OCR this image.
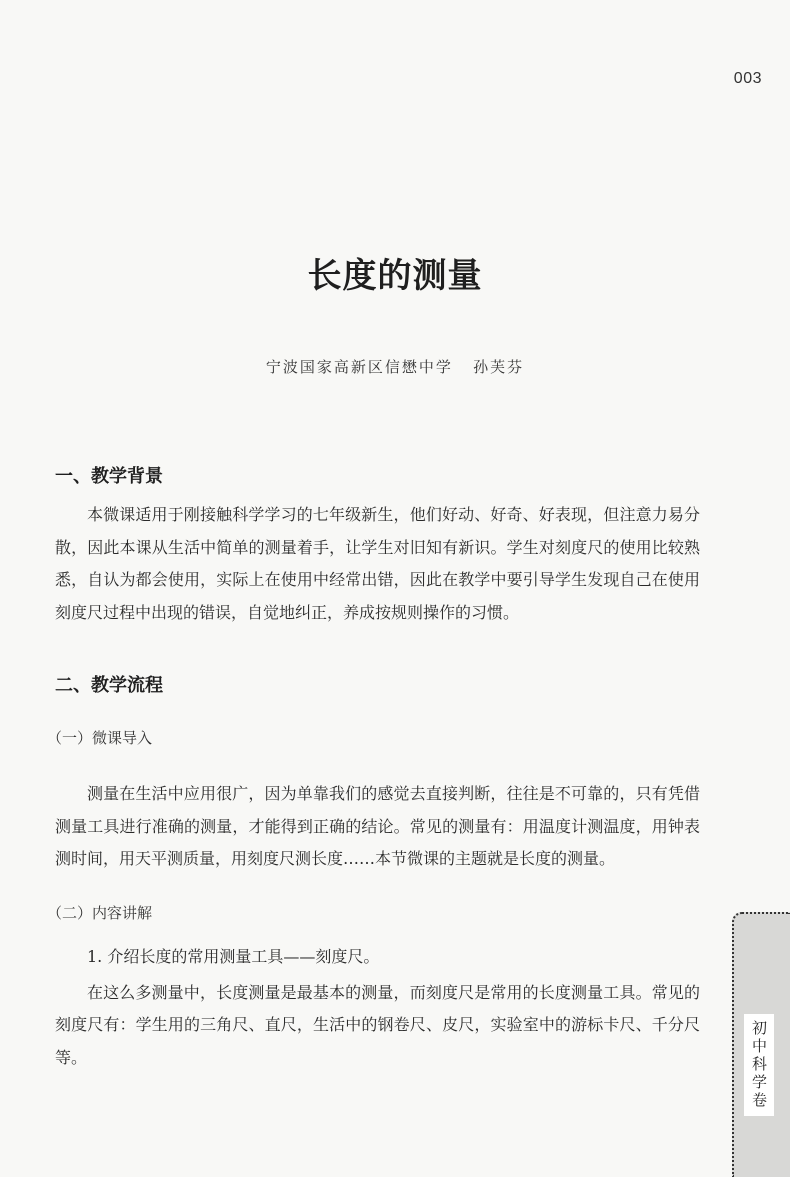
003
长度的测量
宁波国家高新区信懋中学   孙芙芬
一、教学背景

本微课适用于刚接触科学学习的七年级新生，他们好动、好奇、好表现，但注意力易分散，因此本课从生活中简单的测量着手，让学生对旧知有新识。学生对刻度尺的使用比较熟悉，自认为都会使用，实际上在使用中经常出错，因此在教学中要引导学生发现自己在使用刻度尺过程中出现的错误，自觉地纠正，养成按规则操作的习惯。

二、教学流程
（一）微课导入

测量在生活中应用很广，因为单靠我们的感觉去直接判断，往往是不可靠的，只有凭借测量工具进行准确的测量，才能得到正确的结论。常见的测量有：用温度计测温度，用钟表测时间，用天平测质量，用刻度尺测长度……本节微课的主题就是长度的测量。

（二）内容讲解

1. 介绍长度的常用测量工具——刻度尺。

在这么多测量中，长度测量是最基本的测量，而刻度尺是常用的长度测量工具。常见的刻度尺有：学生用的三角尺、直尺，生活中的钢卷尺、皮尺，实验室中的游标卡尺、千分尺等。	初中科学卷
